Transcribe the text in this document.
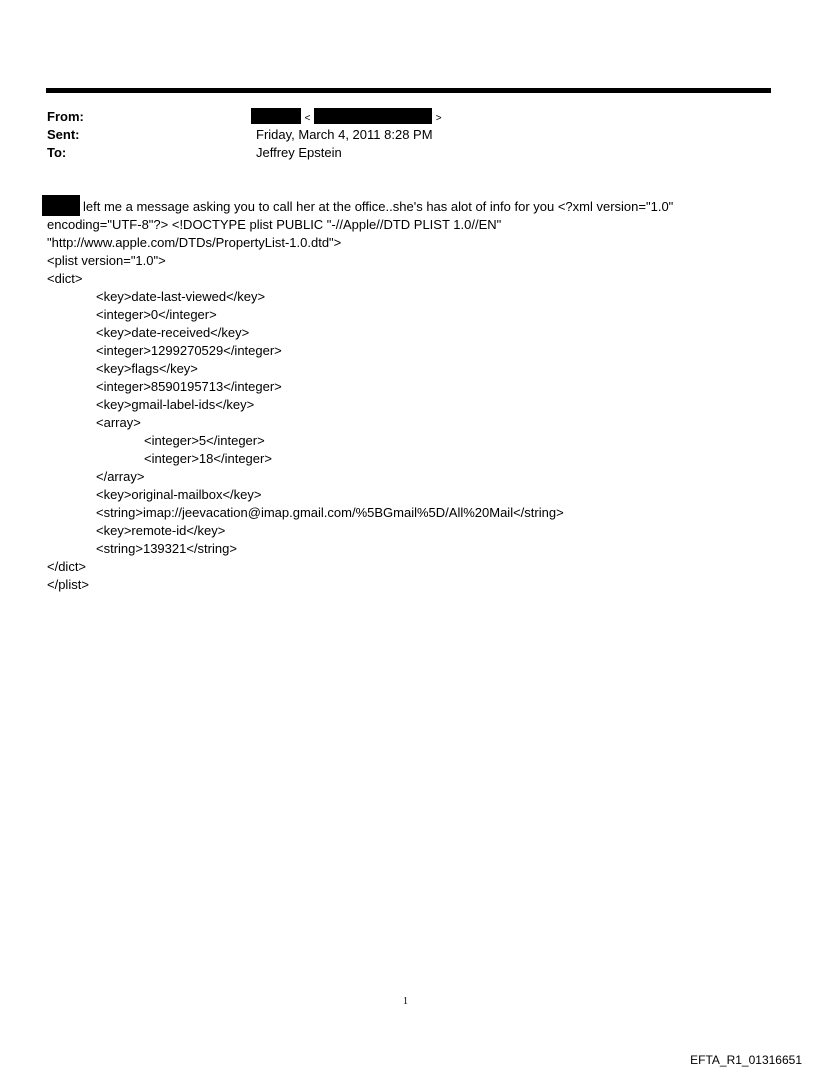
From:
Sent:
To:
<	>
Friday, March 4, 2011 8:28 PM
Jeffrey Epstein
left me a message asking you to call her at the office..she's has alot of info for you <?xml version="1.0"
encoding="UTF-8"?> <!DOCTYPE plist PUBLIC "-//Apple//DTD PLIST 1.0//EN"
"http://www.apple.com/DTDs/PropertyList-1.0.dtd">
<plist version="1.0">
<dict>
<key>date-last-viewed</key>
<integer>0</integer>
<key>date-received</key>
<integer>1299270529</integer>
<key>flags</key>
<integer>8590195713</integer>
<key>gmail-label-ids</key>
<array>
<integer>5</integer>
<integer>18</integer>
</array>
<key>original-mailbox</key>
<string>imap://jeevacation@imap.gmail.com/%5BGmail%5D/All%20Mail</string>
<key>remote-id</key>
<string>139321</string>
</dict>
</plist>
1
EFTA_R1_01316651
